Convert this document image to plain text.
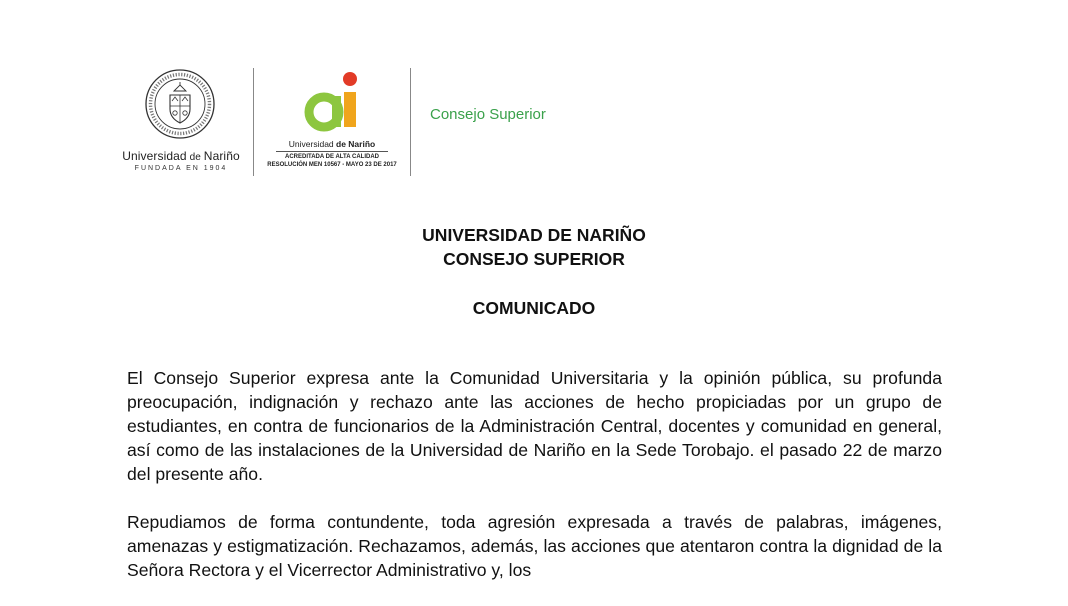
Universidad de Nariño
FUNDADA EN 1904
Universidad de Nariño
ACREDITADA DE ALTA CALIDAD
RESOLUCIÓN MEN 10567 - MAYO 23 DE 2017
Consejo Superior
UNIVERSIDAD DE NARIÑO
CONSEJO SUPERIOR
COMUNICADO

El Consejo Superior expresa ante la Comunidad Universitaria y la opinión pública, su profunda preocupación, indignación y rechazo ante las acciones de hecho propiciadas por un grupo de estudiantes, en contra de funcionarios de la Administración Central, docentes y comunidad en general, así como de las instalaciones de la Universidad de Nariño en la Sede Torobajo. el pasado 22 de marzo del presente año.

Repudiamos de forma contundente, toda agresión expresada a través de palabras, imágenes, amenazas y estigmatización. Rechazamos, además, las acciones que atentaron contra la dignidad de la Señora Rectora y el Vicerrector Administrativo y, los
